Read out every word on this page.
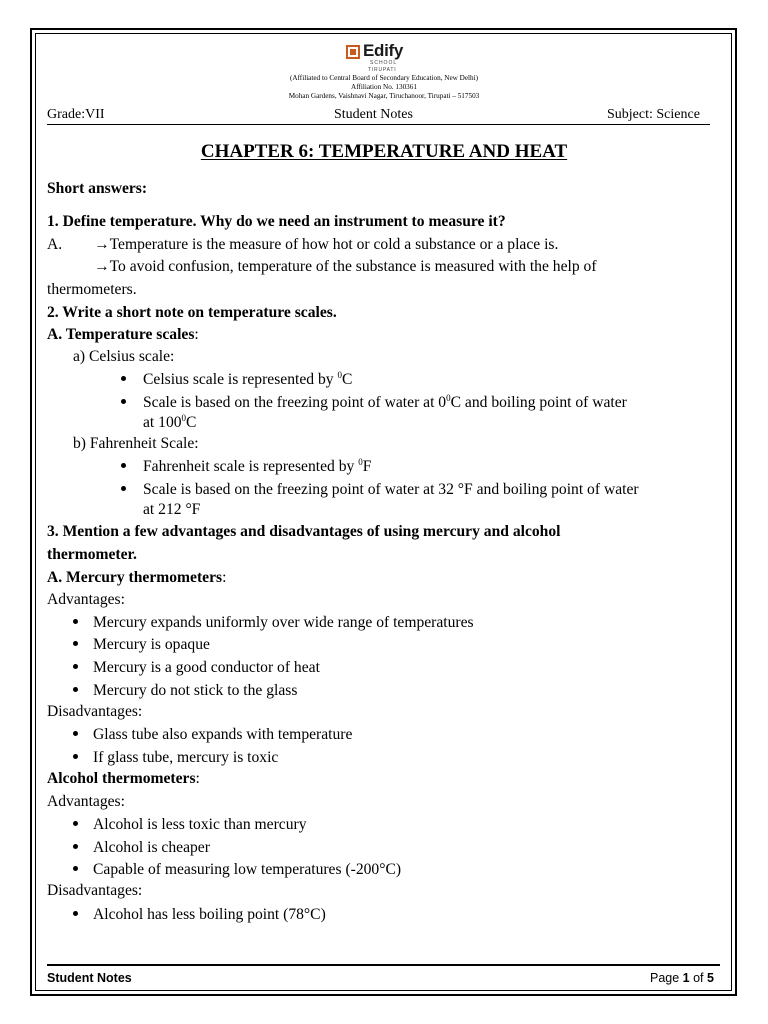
Edify
SCHOOL
TIRUPATI
(Affiliated to Central Board of Secondary Education, New Delhi)
Affiliation No. 130361
Mohan Gardens, Vaishnavi Nagar, Tiruchanoor, Tirupati – 517503
Grade:VII	Student Notes	Subject: Science
CHAPTER 6: TEMPERATURE AND HEAT
Short answers:
1. Define temperature. Why do we need an instrument to measure it?
A. →Temperature is the measure of how hot or cold a substance or a place is.
→To avoid confusion, temperature of the substance is measured with the help of
thermometers.
2. Write a short note on temperature scales.
A. Temperature scales:
a) Celsius scale:
Celsius scale is represented by $^0$C
Scale is based on the freezing point of water at $0^0C$ and boiling point of water
at $100^0C$
b) Fahrenheit Scale:
Fahrenheit scale is represented by $^0$F
Scale is based on the freezing point of water at 32 °F and boiling point of water
at 212 °F
3. Mention a few advantages and disadvantages of using mercury and alcohol
thermometer.
A. Mercury thermometers:
Advantages:
Mercury expands uniformly over wide range of temperatures
Mercury is opaque
Mercury is a good conductor of heat
Mercury do not stick to the glass
Disadvantages:
Glass tube also expands with temperature
If glass tube, mercury is toxic
Alcohol thermometers:
Advantages:
Alcohol is less toxic than mercury
Alcohol is cheaper
Capable of measuring low temperatures (-200°C)
Disadvantages:
Alcohol has less boiling point (78°C)
Student Notes	Page 1 of 5
